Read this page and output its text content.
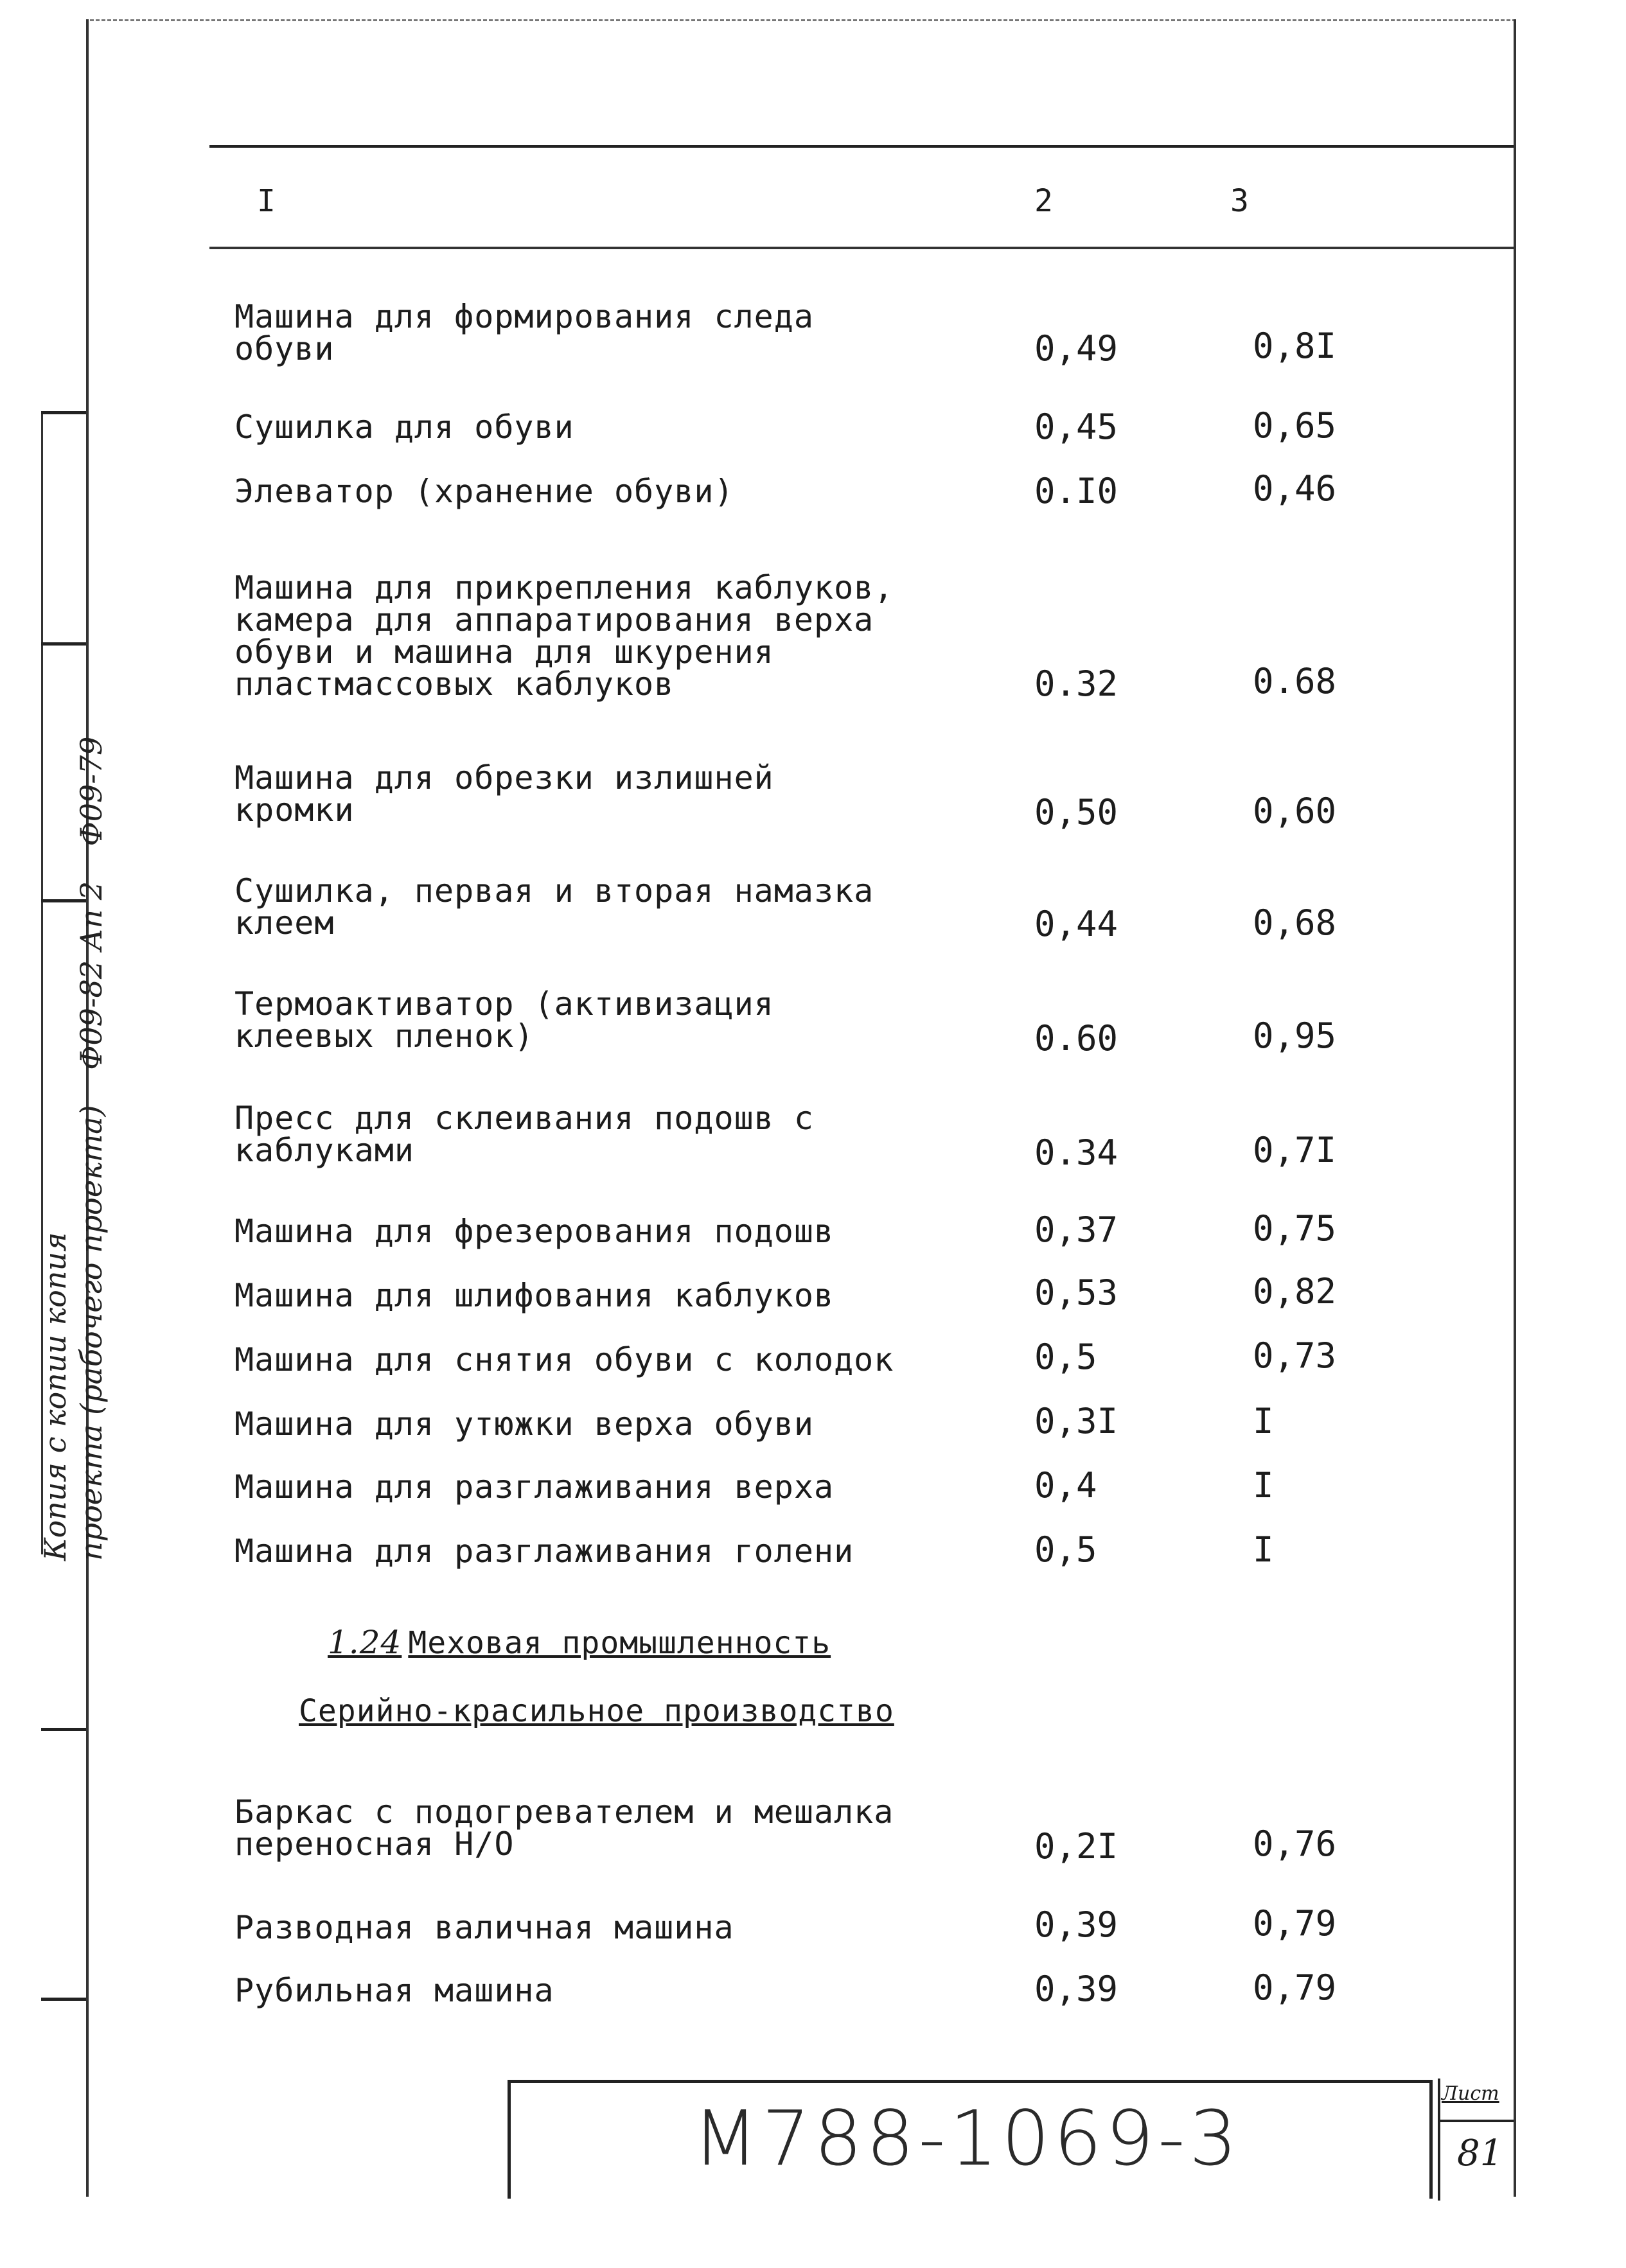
Копия с копии копия проекта (рабочего проекта) Ф09-82 Ап 2 Ф09-79
I	2	3
Машина для формирования следа
обуви	0,49	0,8I
Сушилка для обуви	0,45	0,65
Элеватор (хранение обуви)	0.I0	0,46
Машина для прикрепления каблуков,
камера для аппаратирования верха
обуви и машина для шкурения
пластмассовых каблуков	0.32	0.68
Машина для обрезки излишней
кромки	0,50	0,60
Сушилка, первая и вторая намазка
клеем	0,44	0,68
Термоактиватор (активизация
клеевых пленок)	0.60	0,95
Пресс для склеивания подошв с
каблуками	0.34	0,7I
Машина для фрезерования подошв	0,37	0,75
Машина для шлифования каблуков	0,53	0,82
Машина для снятия обуви с колодок	0,5	0,73
Машина для утюжки верха обуви	0,3I	I
Машина для разглаживания верха	0,4	I
Машина для разглаживания голени	0,5	I
1.24 Меховая промышленность
Серийно-красильное производство
Баркас с подогревателем и мешалка
переносная Н/О	0,2I	0,76
Разводная валичная машина	0,39	0,79
Рубильная машина	0,39	0,79
М788-1069-3
Лист
81
